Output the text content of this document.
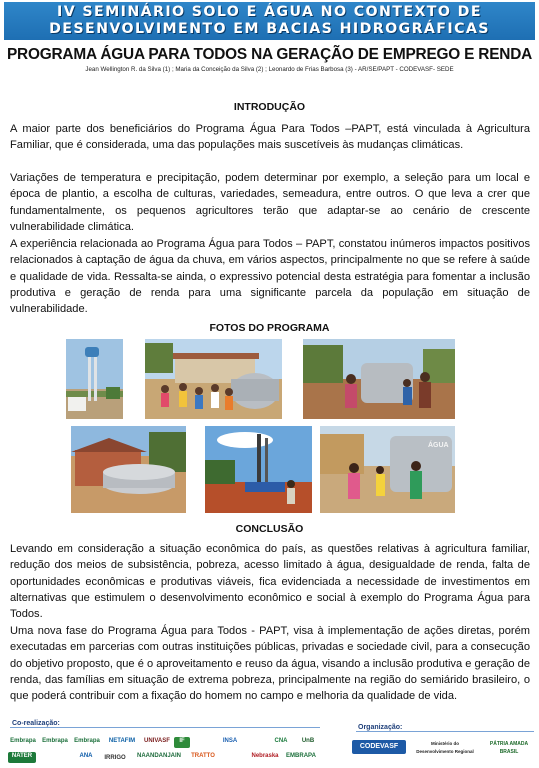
IV SEMINÁRIO SOLO E ÁGUA NO CONTEXTO DE
DESENVOLVIMENTO EM BACIAS HIDROGRÁFICAS
PROGRAMA ÁGUA PARA TODOS NA GERAÇÃO DE EMPREGO E RENDA
Jean Wellington R. da Silva (1) ; Maria da Conceição da Silva (2) ; Leonardo de Frias Barbosa (3) - AR/SE/PAPT - CODEVASF- SEDE
INTRODUÇÃO

A maior parte dos beneficiários do Programa Água Para Todos –PAPT, está vinculada à Agricultura Familiar, que é considerada, uma das populações mais suscetíveis às mudanças climáticas.

Variações de temperatura e precipitação, podem determinar por exemplo, a seleção para um local e época de plantio, a escolha de culturas, variedades, semeadura, entre outros. O que leva a crer que fundamentalmente, os pequenos agricultores terão que adaptar-se ao cenário de crescente vulnerabilidade climática.

A experiência relacionada ao Programa Água para Todos – PAPT, constatou inúmeros impactos positivos relacionados à captação de água da chuva, em vários aspectos, principalmente no que se refere à saúde e qualidade de vida. Ressalta-se ainda, o expressivo potencial desta estratégia para fomentar a inclusão produtiva e geração de renda para uma significante parcela da população em situação de vulnerabilidade.

FOTOS DO PROGRAMA
ÁGUA
CONCLUSÃO

Levando em consideração a situação econômica do país, as questões relativas à agricultura familiar, redução dos meios de subsistência, pobreza, acesso limitado à água, desigualdade de renda, falta de oportunidades econômicas e produtivas viáveis, fica evidenciada a necessidade de investimentos em alternativas que estimulem o desenvolvimento econômico e social à exemplo do Programa Água para Todos.

Uma nova fase do Programa Água para Todos - PAPT, visa à implementação de ações diretas, porém executadas em parcerias com outras instituições públicas, privadas e sociedade civil, para a consecução do objetivo proposto, que é o aproveitamento e reuso da água, visando a inclusão produtiva e geração de renda, das famílias em situação de extrema pobreza, principalmente na região do semiárido brasileiro, o que poderá contribuir com a fixação do homem no campo e melhoria da qualidade de vida.

Co-realização:
Organização:
Embrapa	Embrapa	Embrapa	NETAFIM	UNIVASF	IF	INSA	CNA	UnB
NATER	ANA	IRRIGO	NAANDANJAIN	TRATTO	Nebraska	EMBRAPA
CODEVASF	Ministério do Desenvolvimento Regional
PÁTRIA AMADA BRASIL
